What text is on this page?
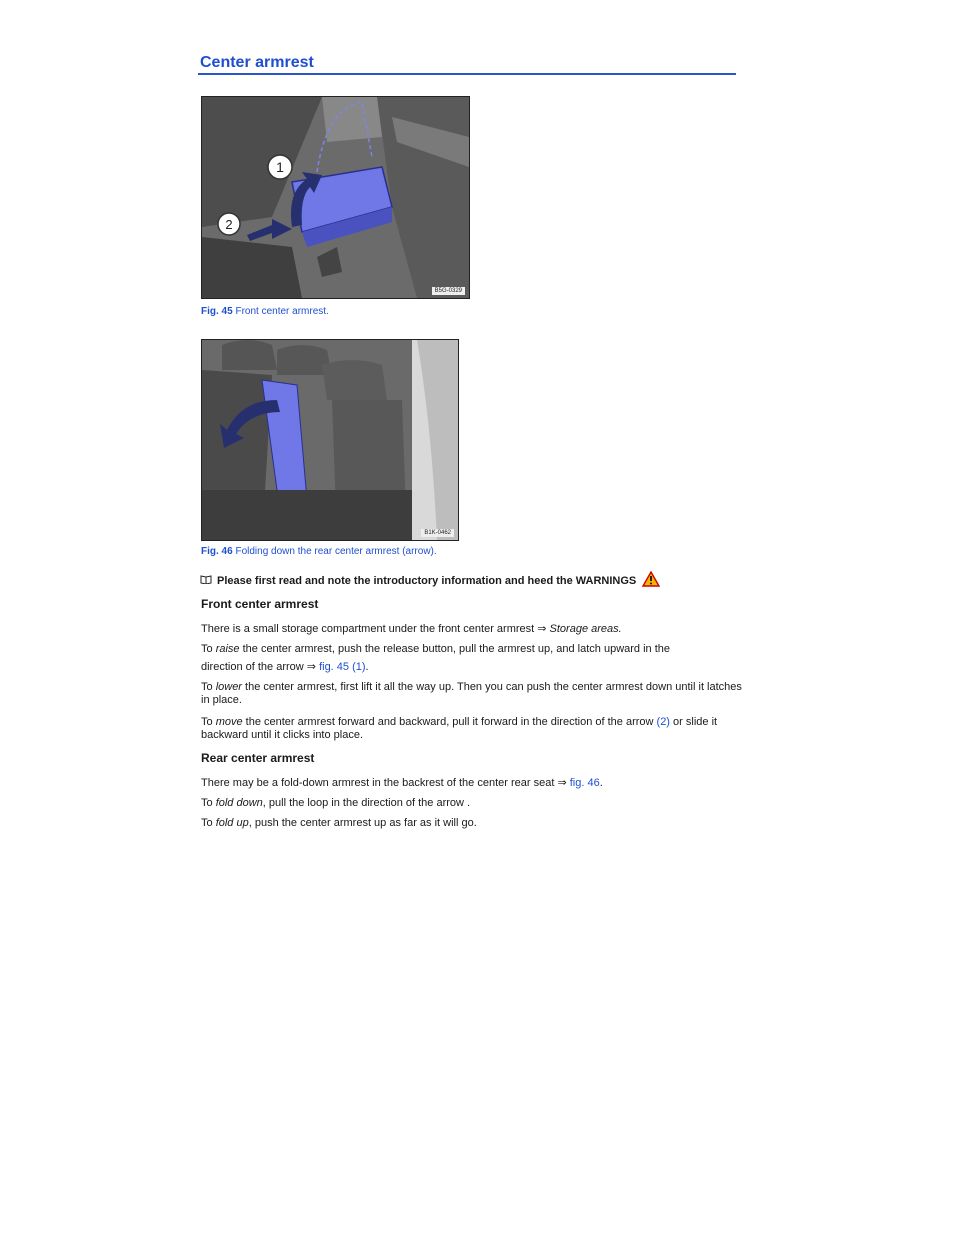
Center armrest
1
2
B5G-0329
Fig. 45 Front center armrest.
B1K-0462
Fig. 46 Folding down the rear center armrest (arrow).
Please first read and note the introductory information and heed the WARNINGS
Front center armrest

There is a small storage compartment under the front center armrest ⇒ Storage areas.

To raise the center armrest, push the release button, pull the armrest up, and latch upward in the

direction of the arrow ⇒ fig. 45 (1).

To lower the center armrest, first lift it all the way up. Then you can push the center armrest down until it latches in place.

To move the center armrest forward and backward, pull it forward in the direction of the arrow (2) or slide it backward until it clicks into place.

Rear center armrest

There may be a fold-down armrest in the backrest of the center rear seat ⇒ fig. 46.

To fold down, pull the loop in the direction of the arrow .

To fold up, push the center armrest up as far as it will go.
